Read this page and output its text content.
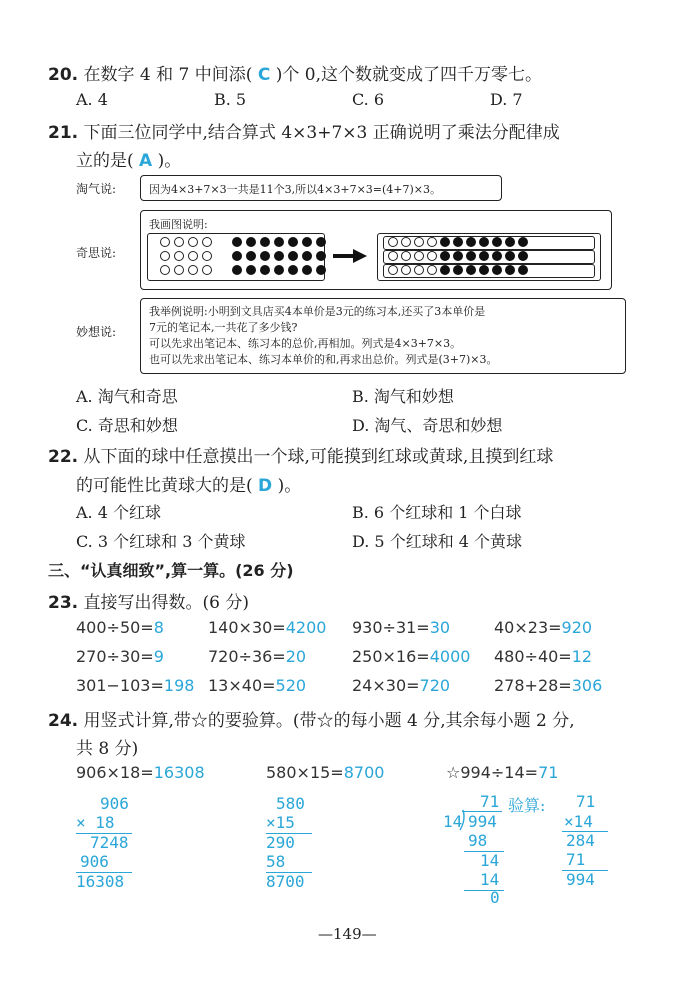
20. 在数字 4 和 7 中间添( C )个 0,这个数就变成了四千万零七。
A. 4	B. 5	C. 6	D. 7
21. 下面三位同学中,结合算式 4×3+7×3 正确说明了乘法分配律成
立的是( A )。
淘气说:	因为4×3+7×3一共是11个3,所以4×3+7×3=(4+7)×3。
奇思说:
我画图说明:
妙想说:
我举例说明:小明到文具店买4本单价是3元的练习本,还买了3本单价是
7元的笔记本,一共花了多少钱?
可以先求出笔记本、练习本的总价,再相加。列式是4×3+7×3。
也可以先求出笔记本、练习本单价的和,再求出总价。列式是(3+7)×3。
A. 淘气和奇思	B. 淘气和妙想
C. 奇思和妙想	D. 淘气、奇思和妙想
22. 从下面的球中任意摸出一个球,可能摸到红球或黄球,且摸到红球
的可能性比黄球大的是( D )。
A. 4 个红球	B. 6 个红球和 1 个白球
C. 3 个红球和 3 个黄球	D. 5 个红球和 4 个黄球
三、“认真细致”,算一算。(26 分)
23. 直接写出得数。(6 分)
400÷50=8	140×30=4200 930÷31=30	40×23=920
270÷30=9	720÷36=20	250×16=4000 480÷40=12
301−103=198 13×40=520	24×30=720	278+28=306
24. 用竖式计算,带☆的要验算。(带☆的每小题 4 分,其余每小题 2 分,
共 8 分)
906×18=16308	580×15=8700	☆994÷14=71
906
× 18
7248
906
16308
580
×15
290
58
8700
71
14 994
98
14
14
0
验算: 71
×14
284
71
994
—149—
